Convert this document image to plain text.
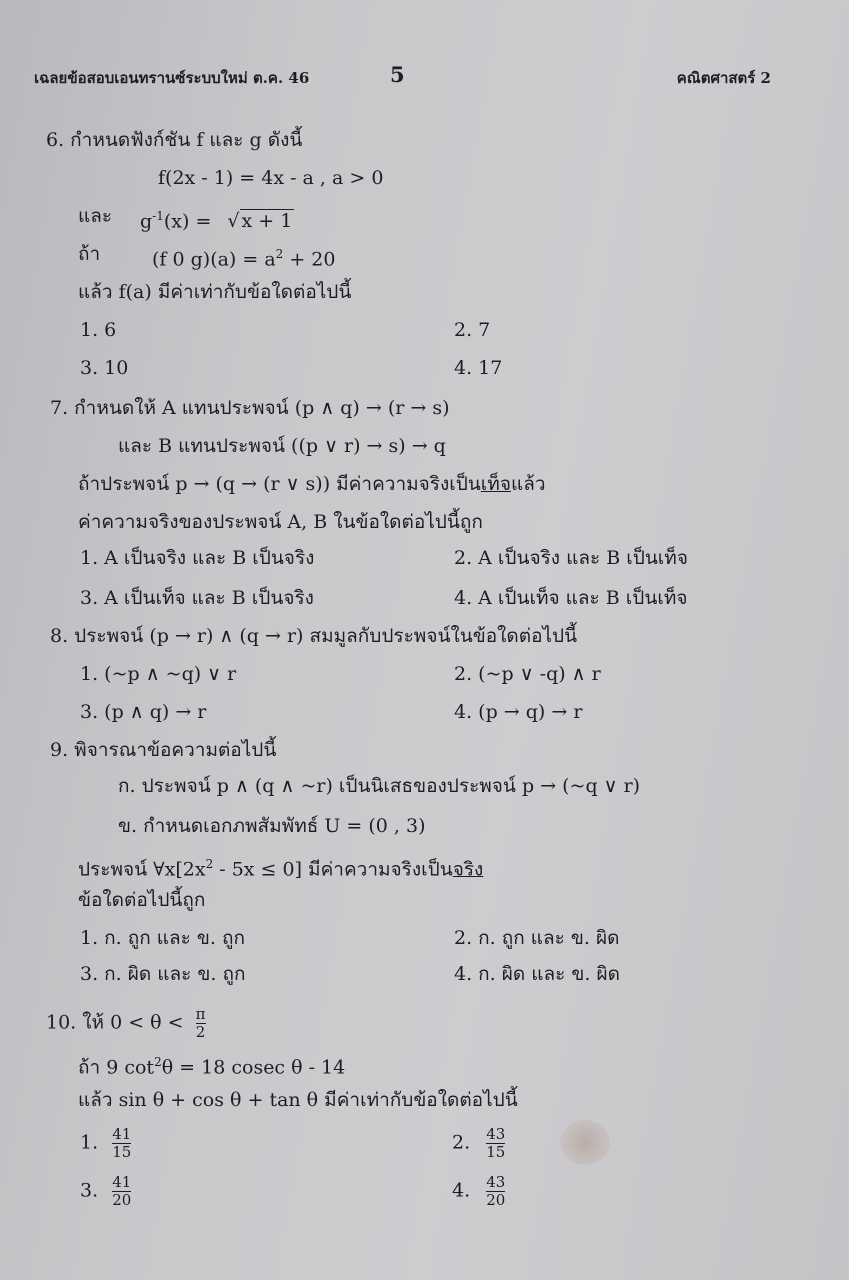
เฉลยข้อสอบเอนทรานซ์ระบบใหม่ ต.ค. 46	5	คณิตศาสตร์ 2
6. กำหนดฟังก์ชัน f และ g ดังนี้
f(2x - 1) = 4x - a , a > 0
และ $g^{-1}(x)$ = √ x + 1
ถ้า	(f 0 $g)(a) = a^2 + 20$
แล้ว f(a) มีค่าเท่ากับข้อใดต่อไปนี้
1. 6	2. 7
3. 10	4. 17
7. กำหนดให้ A แทนประพจน์ (p ∧ q) → (r → s)
และ B แทนประพจน์ ((p ∨ r) → s) → q
ถ้าประพจน์ p → (q → (r ∨ s)) มีค่าความจริงเป็นเท็จแล้ว
ค่าความจริงของประพจน์ A, B ในข้อใดต่อไปนี้ถูก
1. A เป็นจริง และ B เป็นจริง	2. A เป็นจริง และ B เป็นเท็จ
3. A เป็นเท็จ และ B เป็นจริง	4. A เป็นเท็จ และ B เป็นเท็จ
8. ประพจน์ (p → r) ∧ (q → r) สมมูลกับประพจน์ในข้อใดต่อไปนี้
1. (~p ∧ ~q) ∨ r	2. (~p ∨ -q) ∧ r
3. (p ∧ q) → r	4. (p → q) → r
9. พิจารณาข้อความต่อไปนี้
ก. ประพจน์ p ∧ (q ∧ ~r) เป็นนิเสธของประพจน์ p → (~q ∨ r)
ข. กำหนดเอกภพสัมพัทธ์ U = (0 , 3)
ประพจน์ $\forall x[2x^2 - 5x \le 0]$ มีค่าความจริงเป็นจริง
ข้อใดต่อไปนี้ถูก
1. ก. ถูก และ ข. ถูก	2. ก. ถูก และ ข. ผิด
3. ก. ผิด และ ข. ถูก	4. ก. ผิด และ ข. ผิด
10. ให้ $0 < \theta < \frac{\pi}{2}$
ถ้า 9 $\cot^2\theta = 18$ cosec θ - 14
แล้ว sin θ + cos θ + tan θ มีค่าเท่ากับข้อใดต่อไปนี้
1. $\frac{41}{15}$	2. $\frac{43}{15}$
3. $\frac{41}{20}$	4. $\frac{43}{20}$
